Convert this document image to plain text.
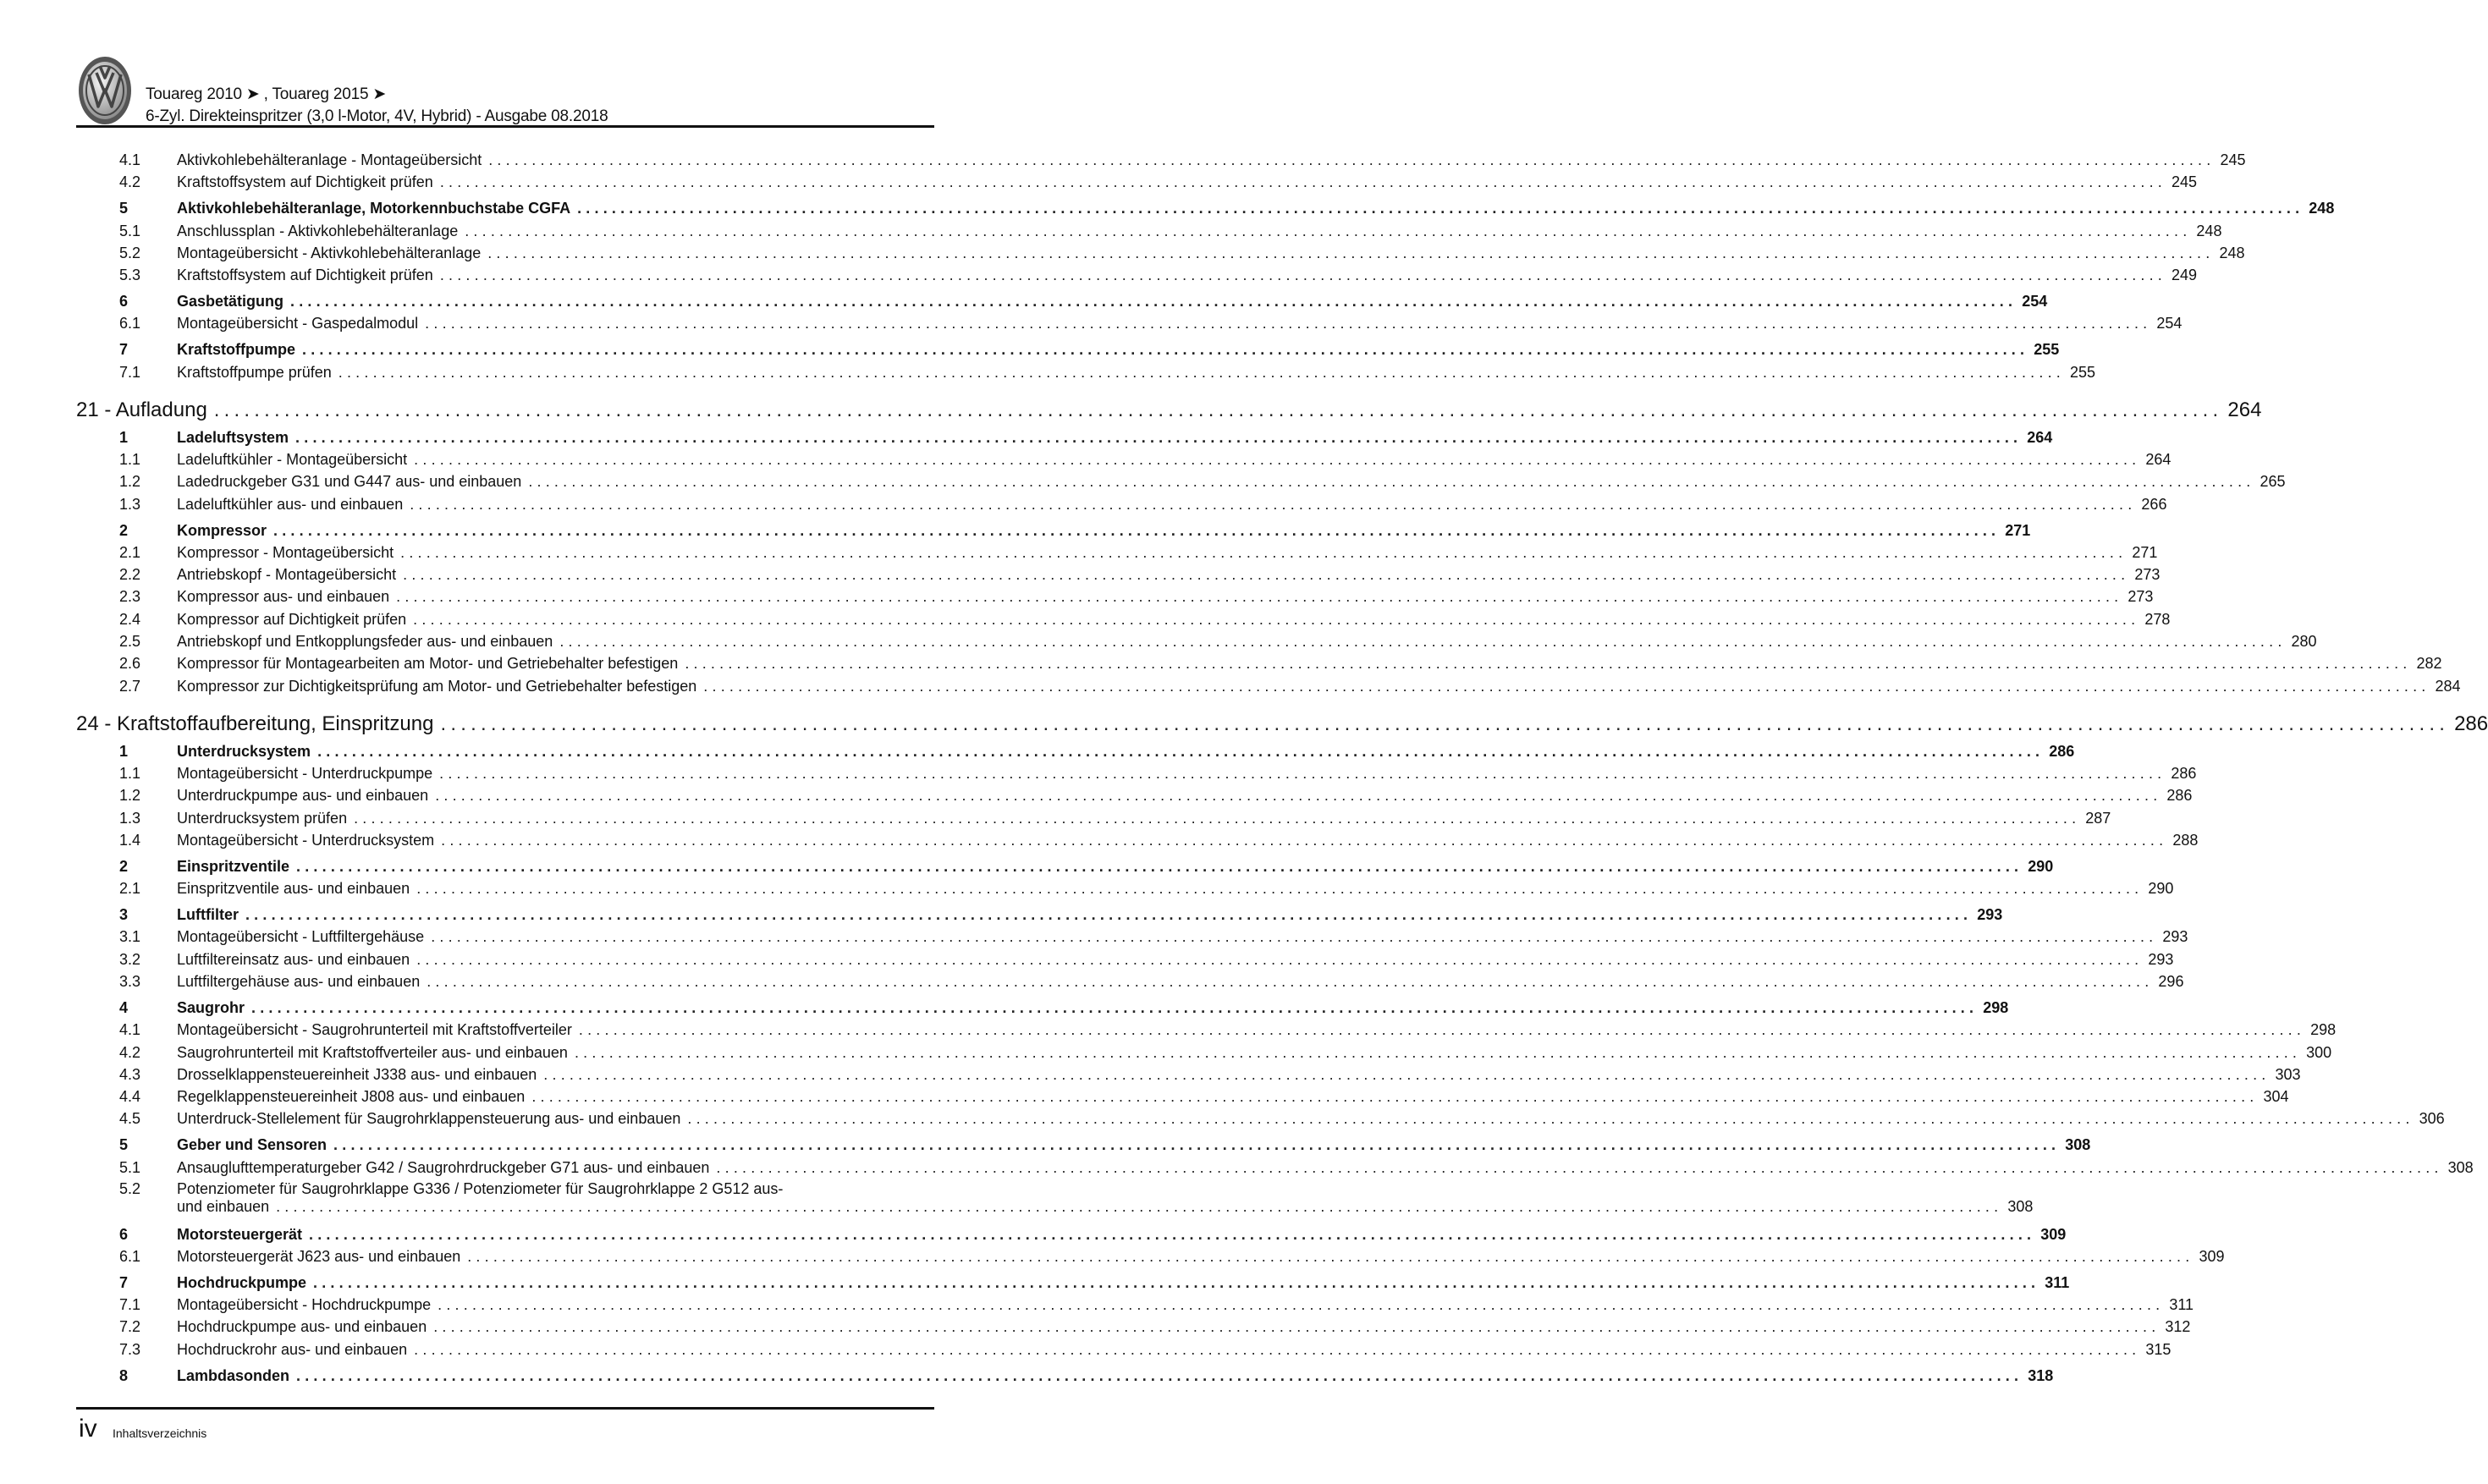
Touareg 2010 ➤ , Touareg 2015 ➤
6-Zyl. Direkteinspritzer (3,0 l-Motor, 4V, Hybrid) - Ausgabe 08.2018
4.1	Aktivkohlebehälteranlage - Montageübersicht ........................................................................................................................................................................................................ 245
4.2	Kraftstoffsystem auf Dichtigkeit prüfen ........................................................................................................................................................................................................ 245
5	Aktivkohlebehälteranlage, Motorkennbuchstabe CGFA ........................................................................................................................................................................................................ 248
5.1	Anschlussplan - Aktivkohlebehälteranlage ........................................................................................................................................................................................................ 248
5.2	Montageübersicht - Aktivkohlebehälteranlage ........................................................................................................................................................................................................ 248
5.3	Kraftstoffsystem auf Dichtigkeit prüfen ........................................................................................................................................................................................................ 249
6	Gasbetätigung ........................................................................................................................................................................................................ 254
6.1	Montageübersicht - Gaspedalmodul ........................................................................................................................................................................................................ 254
7	Kraftstoffpumpe ........................................................................................................................................................................................................ 255
7.1	Kraftstoffpumpe prüfen ........................................................................................................................................................................................................ 255
21 - Aufladung ........................................................................................................................................................................................................ 264
1	Ladeluftsystem ........................................................................................................................................................................................................ 264
1.1	Ladeluftkühler - Montageübersicht ........................................................................................................................................................................................................ 264
1.2	Ladedruckgeber G31 und G447 aus- und einbauen ........................................................................................................................................................................................................ 265
1.3	Ladeluftkühler aus- und einbauen ........................................................................................................................................................................................................ 266
2	Kompressor ........................................................................................................................................................................................................ 271
2.1	Kompressor - Montageübersicht ........................................................................................................................................................................................................ 271
2.2	Antriebskopf - Montageübersicht ........................................................................................................................................................................................................ 273
2.3	Kompressor aus- und einbauen ........................................................................................................................................................................................................ 273
2.4	Kompressor auf Dichtigkeit prüfen ........................................................................................................................................................................................................ 278
2.5	Antriebskopf und Entkopplungsfeder aus- und einbauen ........................................................................................................................................................................................................ 280
2.6	Kompressor für Montagearbeiten am Motor- und Getriebehalter befestigen ........................................................................................................................................................................................................ 282
2.7	Kompressor zur Dichtigkeitsprüfung am Motor- und Getriebehalter befestigen ........................................................................................................................................................................................................ 284
24 - Kraftstoffaufbereitung, Einspritzung ........................................................................................................................................................................................................ 286
1	Unterdrucksystem ........................................................................................................................................................................................................ 286
1.1	Montageübersicht - Unterdruckpumpe ........................................................................................................................................................................................................ 286
1.2	Unterdruckpumpe aus- und einbauen ........................................................................................................................................................................................................ 286
1.3	Unterdrucksystem prüfen ........................................................................................................................................................................................................ 287
1.4	Montageübersicht - Unterdrucksystem ........................................................................................................................................................................................................ 288
2	Einspritzventile ........................................................................................................................................................................................................ 290
2.1	Einspritzventile aus- und einbauen ........................................................................................................................................................................................................ 290
3	Luftfilter ........................................................................................................................................................................................................ 293
3.1	Montageübersicht - Luftfiltergehäuse ........................................................................................................................................................................................................ 293
3.2	Luftfiltereinsatz aus- und einbauen ........................................................................................................................................................................................................ 293
3.3	Luftfiltergehäuse aus- und einbauen ........................................................................................................................................................................................................ 296
4	Saugrohr ........................................................................................................................................................................................................ 298
4.1	Montageübersicht - Saugrohrunterteil mit Kraftstoffverteiler ........................................................................................................................................................................................................ 298
4.2	Saugrohrunterteil mit Kraftstoffverteiler aus- und einbauen ........................................................................................................................................................................................................ 300
4.3	Drosselklappensteuereinheit J338 aus- und einbauen ........................................................................................................................................................................................................ 303
4.4	Regelklappensteuereinheit J808 aus- und einbauen ........................................................................................................................................................................................................ 304
4.5	Unterdruck-Stellelement für Saugrohrklappensteuerung aus- und einbauen ........................................................................................................................................................................................................ 306
5	Geber und Sensoren ........................................................................................................................................................................................................ 308
5.1	Ansauglufttemperaturgeber G42 / Saugrohrdruckgeber G71 aus- und einbauen ........................................................................................................................................................................................................ 308
5.2	Potenziometer für Saugrohrklappe G336 / Potenziometer für Saugrohrklappe 2 G512 aus-
und einbauen ........................................................................................................................................................................................................ 308
6	Motorsteuergerät ........................................................................................................................................................................................................ 309
6.1	Motorsteuergerät J623 aus- und einbauen ........................................................................................................................................................................................................ 309
7	Hochdruckpumpe ........................................................................................................................................................................................................ 311
7.1	Montageübersicht - Hochdruckpumpe ........................................................................................................................................................................................................ 311
7.2	Hochdruckpumpe aus- und einbauen ........................................................................................................................................................................................................ 312
7.3	Hochdruckrohr aus- und einbauen ........................................................................................................................................................................................................ 315
8	Lambdasonden ........................................................................................................................................................................................................ 318
iv Inhaltsverzeichnis
